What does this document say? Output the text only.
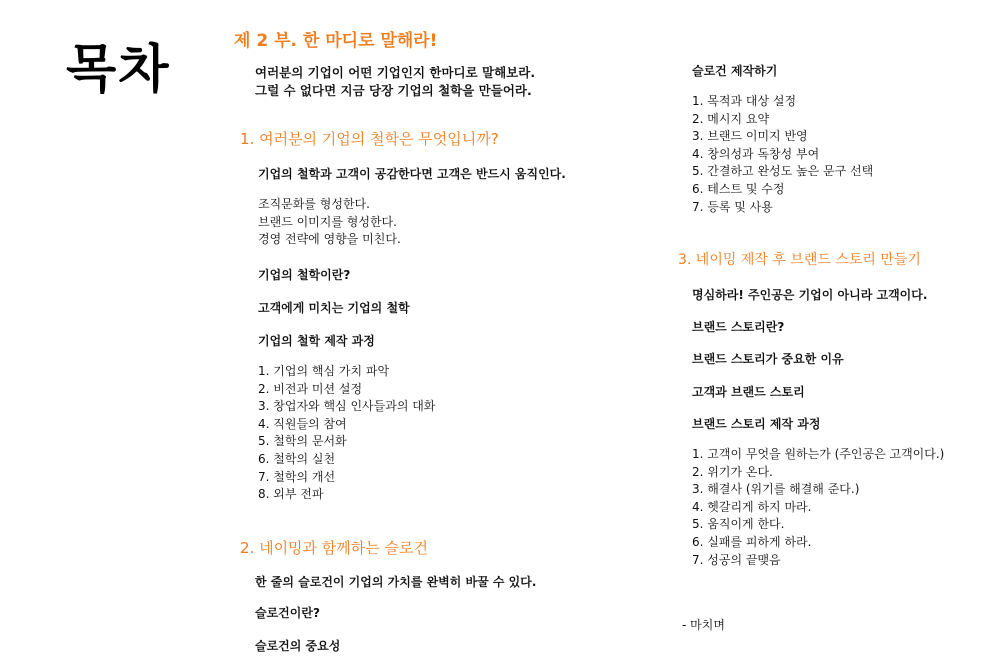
목차	제 2 부. 한 마디로 말해라!
여러분의 기업이 어떤 기업인지 한마디로 말해보라.
그럴 수 없다면 지금 당장 기업의 철학을 만들어라.
1. 여러분의 기업의 철학은 무엇입니까?
기업의 철학과 고객이 공감한다면 고객은 반드시 움직인다.
조직문화를 형성한다.
브랜드 이미지를 형성한다.
경영 전략에 영향을 미친다.
기업의 철학이란?
고객에게 미치는 기업의 철학
기업의 철학 제작 과정
1. 기업의 핵심 가치 파악
2. 비전과 미션 설정
3. 창업자와 핵심 인사들과의 대화
4. 직원들의 참여
5. 철학의 문서화
6. 철학의 실천
7. 철학의 개선
8. 외부 전파
2. 네이밍과 함께하는 슬로건
한 줄의 슬로건이 기업의 가치를 완벽히 바꿀 수 있다.
슬로건이란?
슬로건의 중요성
슬로건 제작하기
1. 목적과 대상 설정
2. 메시지 요약
3. 브랜드 이미지 반영
4. 창의성과 독창성 부여
5. 간결하고 완성도 높은 문구 선택
6. 테스트 및 수정
7. 등록 및 사용
3. 네이밍 제작 후 브랜드 스토리 만들기
명심하라! 주인공은 기업이 아니라 고객이다.
브랜드 스토리란?
브랜드 스토리가 중요한 이유
고객과 브랜드 스토리
브랜드 스토리 제작 과정
1. 고객이 무엇을 원하는가 (주인공은 고객이다.)
2. 위기가 온다.
3. 해결사 (위기를 해결해 준다.)
4. 헷갈리게 하지 마라.
5. 움직이게 한다.
6. 실패를 피하게 하라.
7. 성공의 끝맺음
- 마치며
